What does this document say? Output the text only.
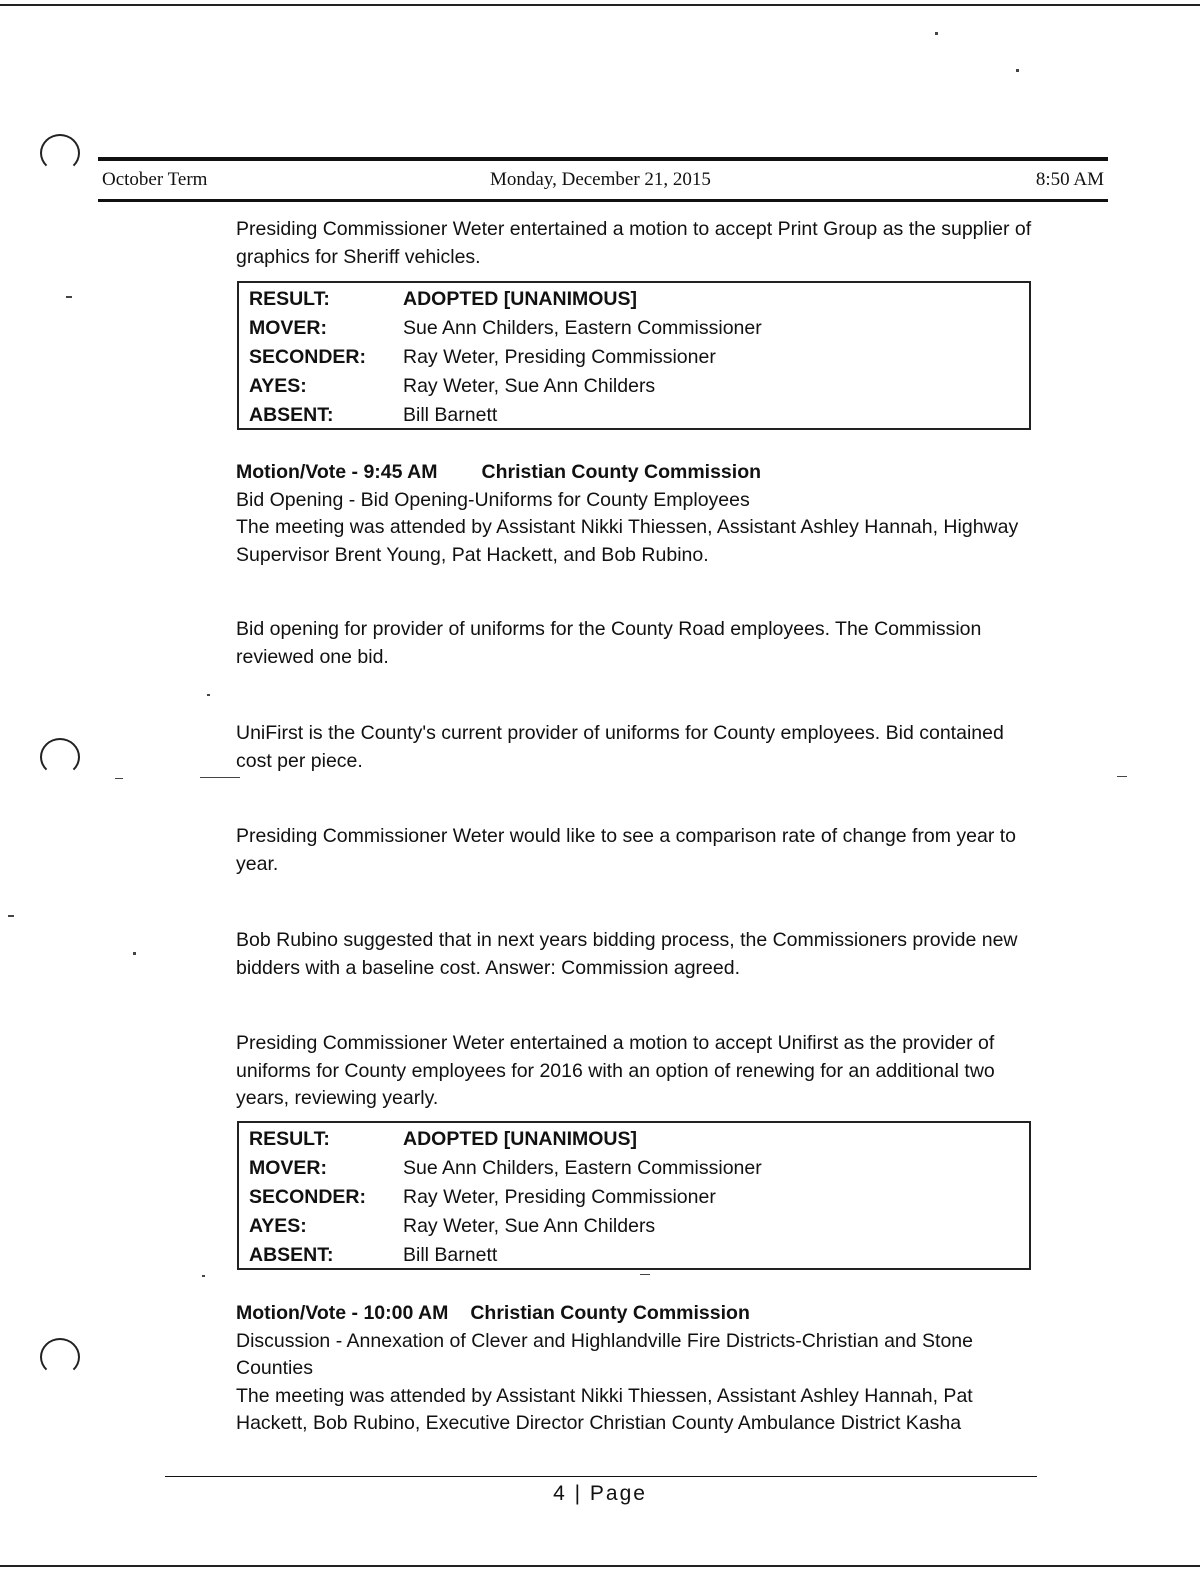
October Term	Monday, December 21, 2015	8:50 AM

Presiding Commissioner Weter entertained a motion to accept Print Group as the supplier of graphics for Sheriff vehicles.

RESULT:	ADOPTED [UNANIMOUS]
MOVER:	Sue Ann Childers, Eastern Commissioner
SECONDER: Ray Weter, Presiding Commissioner
AYES:	Ray Weter, Sue Ann Childers
ABSENT:	Bill Barnett

Motion/Vote - 9:45 AM Christian County Commission

Bid Opening - Bid Opening-Uniforms for County Employees

The meeting was attended by Assistant Nikki Thiessen, Assistant Ashley Hannah, Highway Supervisor Brent Young, Pat Hackett, and Bob Rubino.

Bid opening for provider of uniforms for the County Road employees. The Commission reviewed one bid.

UniFirst is the County's current provider of uniforms for County employees. Bid contained cost per piece.

Presiding Commissioner Weter would like to see a comparison rate of change from year to year.

Bob Rubino suggested that in next years bidding process, the Commissioners provide new bidders with a baseline cost. Answer: Commission agreed.

Presiding Commissioner Weter entertained a motion to accept Unifirst as the provider of uniforms for County employees for 2016 with an option of renewing for an additional two years, reviewing yearly.

RESULT:	ADOPTED [UNANIMOUS]
MOVER:	Sue Ann Childers, Eastern Commissioner
SECONDER: Ray Weter, Presiding Commissioner
AYES:	Ray Weter, Sue Ann Childers
ABSENT:	Bill Barnett

Motion/Vote - 10:00 AM Christian County Commission

Discussion - Annexation of Clever and Highlandville Fire Districts-Christian and Stone Counties

The meeting was attended by Assistant Nikki Thiessen, Assistant Ashley Hannah, Pat Hackett, Bob Rubino, Executive Director Christian County Ambulance District Kasha

4 | Page
